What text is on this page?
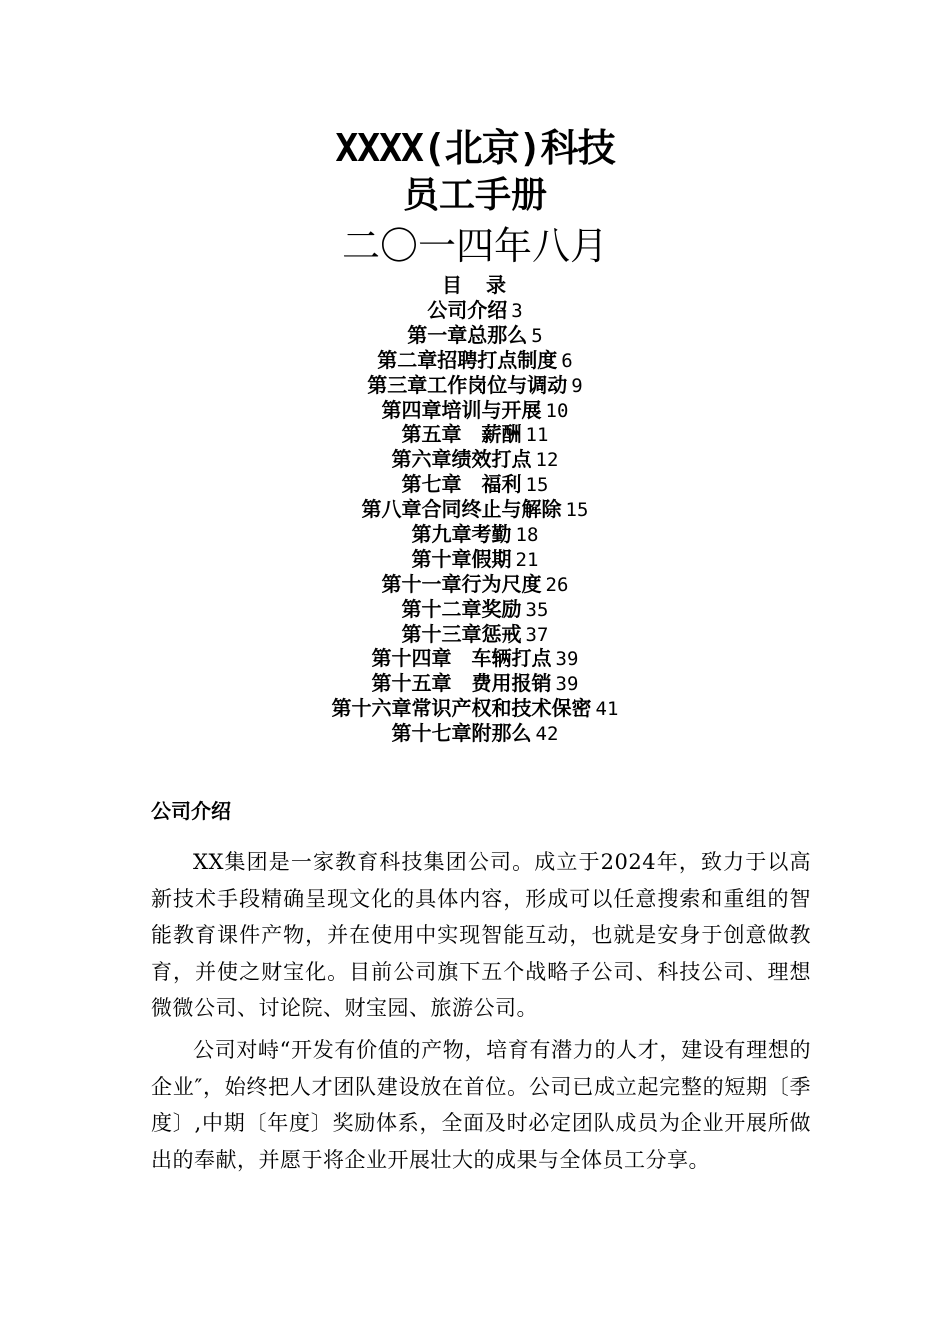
XXXX(北京)科技
员工手册
二〇一四年八月
目　录
公司介绍 3
第一章总那么 5
第二章招聘打点制度 6
第三章工作岗位与调动 9
第四章培训与开展 10
第五章　薪酬 11
第六章绩效打点 12
第七章　福利 15
第八章合同终止与解除 15
第九章考勤 18
第十章假期 21
第十一章行为尺度 26
第十二章奖励 35
第十三章惩戒 37
第十四章　车辆打点 39
第十五章　费用报销 39
第十六章常识产权和技术保密 41
第十七章附那么 42
公司介绍

XX集团是一家教育科技集团公司。成立于2024年，致力于以高新技术手段精确呈现文化的具体内容，形成可以任意搜索和重组的智能教育课件产物，并在使用中实现智能互动，也就是安身于创意做教育，并使之财宝化。目前公司旗下五个战略子公司、科技公司、理想微微公司、讨论院、财宝园、旅游公司。

公司对峙“开发有价值的产物，培育有潜力的人才，建设有理想的企业″，始终把人才团队建设放在首位。公司已成立起完整的短期〔季度〕,中期〔年度〕奖励体系，全面及时必定团队成员为企业开展所做出的奉献，并愿于将企业开展壮大的成果与全体员工分享。
